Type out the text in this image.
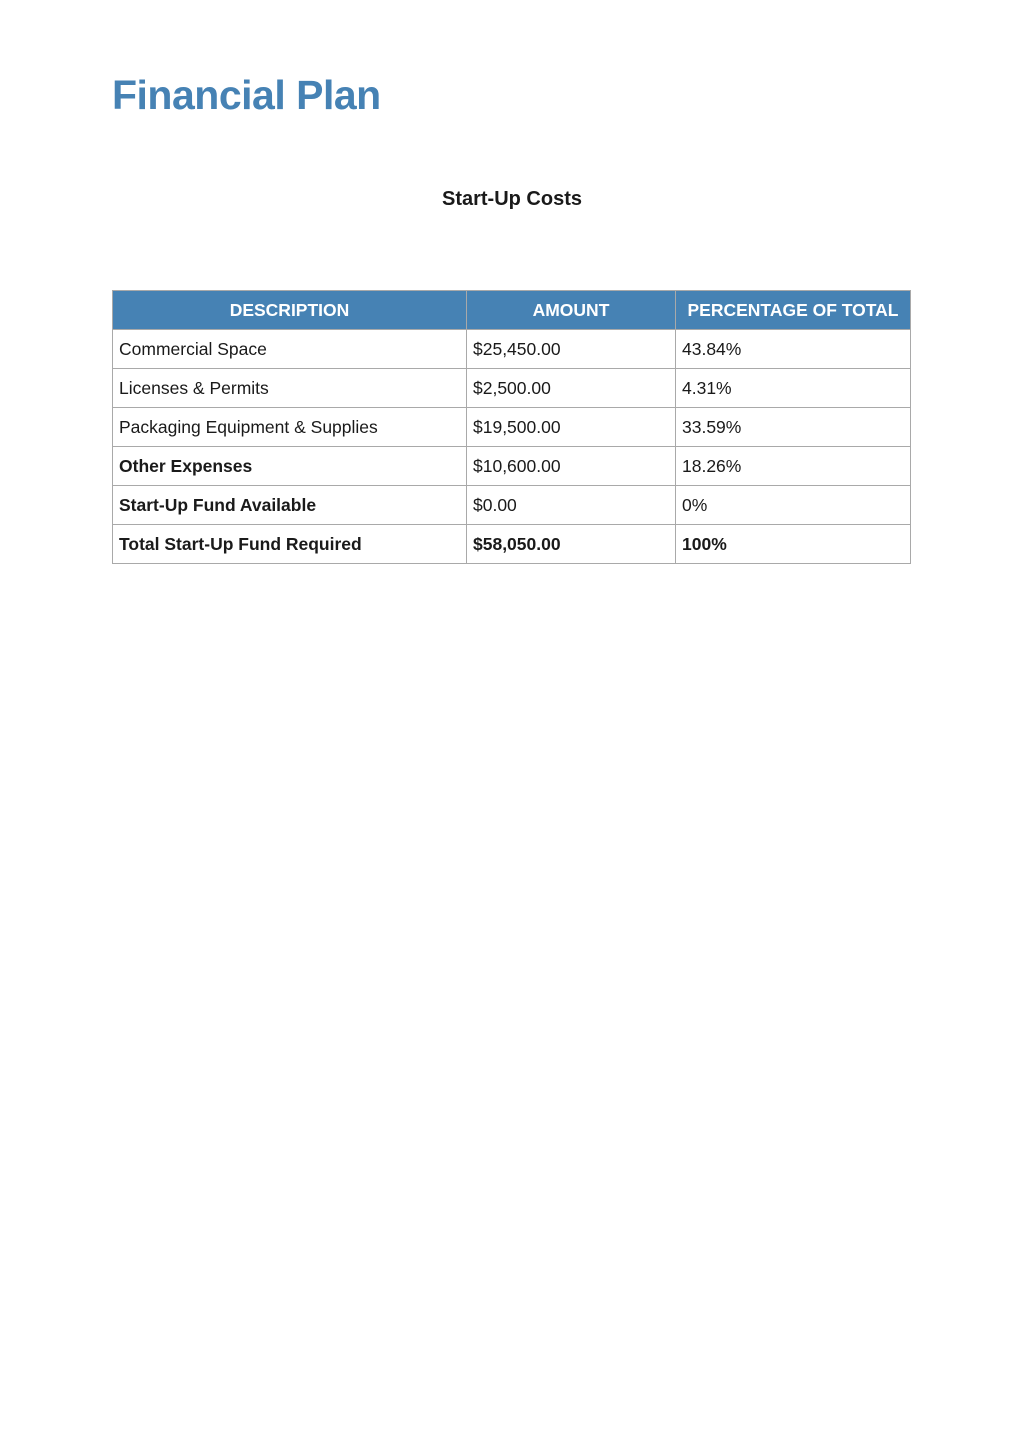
Financial Plan
Start-Up Costs
DESCRIPTION	AMOUNT	PERCENTAGE OF TOTAL
Commercial Space	$25,450.00	43.84%
Licenses & Permits	$2,500.00	4.31%
Packaging Equipment & Supplies	$19,500.00	33.59%
Other Expenses	$10,600.00	18.26%
Start-Up Fund Available	$0.00	0%
Total Start-Up Fund Required	$58,050.00	100%
